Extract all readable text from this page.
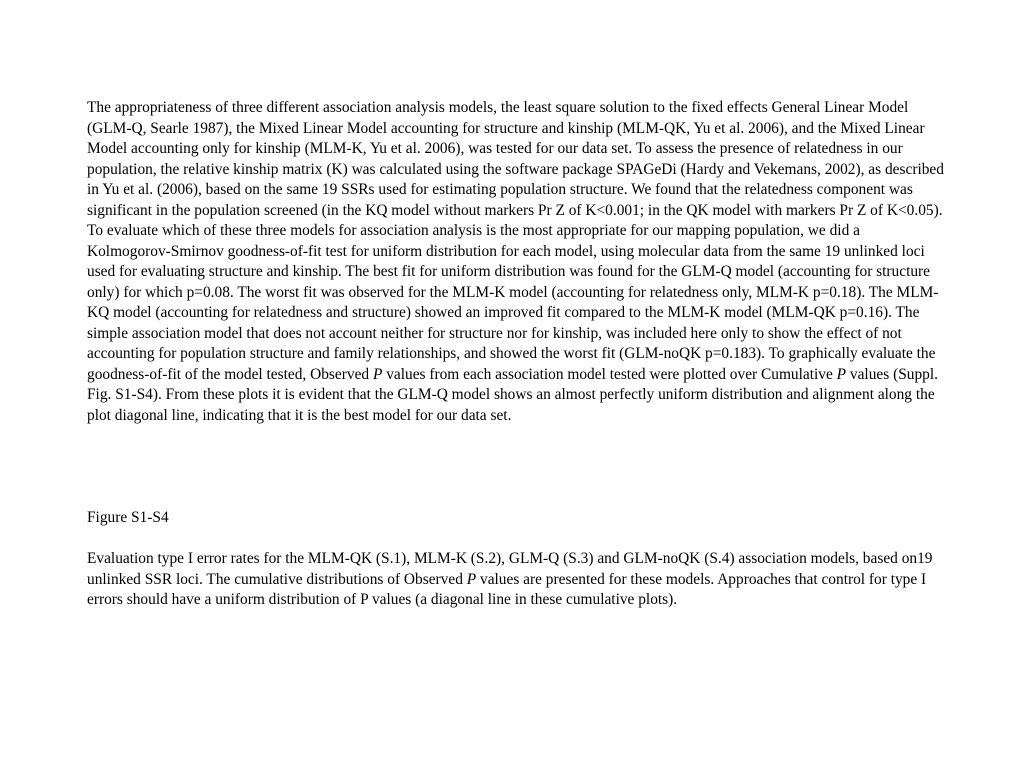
The appropriateness of three different association analysis models, the least square solution to the fixed effects General Linear Model (GLM-Q, Searle 1987), the Mixed Linear Model accounting for structure and kinship (MLM-QK, Yu et al. 2006), and the Mixed Linear Model accounting only for kinship (MLM-K, Yu et al. 2006), was tested for our data set. To assess the presence of relatedness in our population, the relative kinship matrix (K) was calculated using the software package SPAGeDi (Hardy and Vekemans, 2002), as described in Yu et al. (2006), based on the same 19 SSRs used for estimating population structure. We found that the relatedness component was significant in the population screened (in the KQ model without markers Pr Z of K<0.001; in the QK model with markers Pr Z of K<0.05). To evaluate which of these three models for association analysis is the most appropriate for our mapping population, we did a Kolmogorov-Smirnov goodness-of-fit test for uniform distribution for each model, using molecular data from the same 19 unlinked loci used for evaluating structure and kinship. The best fit for uniform distribution was found for the GLM-Q model (accounting for structure only) for which p=0.08. The worst fit was observed for the MLM-K model (accounting for relatedness only, MLM-K p=0.18). The MLM-KQ model (accounting for relatedness and structure) showed an improved fit compared to the MLM-K model (MLM-QK p=0.16). The simple association model that does not account neither for structure nor for kinship, was included here only to show the effect of not accounting for population structure and family relationships, and showed the worst fit (GLM-noQK p=0.183). To graphically evaluate the goodness-of-fit of the model tested, Observed P values from each association model tested were plotted over Cumulative P values (Suppl. Fig. S1-S4). From these plots it is evident that the GLM-Q model shows an almost perfectly uniform distribution and alignment along the plot diagonal line, indicating that it is the best model for our data set.

Figure S1-S4

Evaluation type I error rates for the MLM-QK (S.1), MLM-K (S.2), GLM-Q (S.3) and GLM-noQK (S.4) association models, based on19 unlinked SSR loci. The cumulative distributions of Observed P values are presented for these models. Approaches that control for type I errors should have a uniform distribution of P values (a diagonal line in these cumulative plots).
